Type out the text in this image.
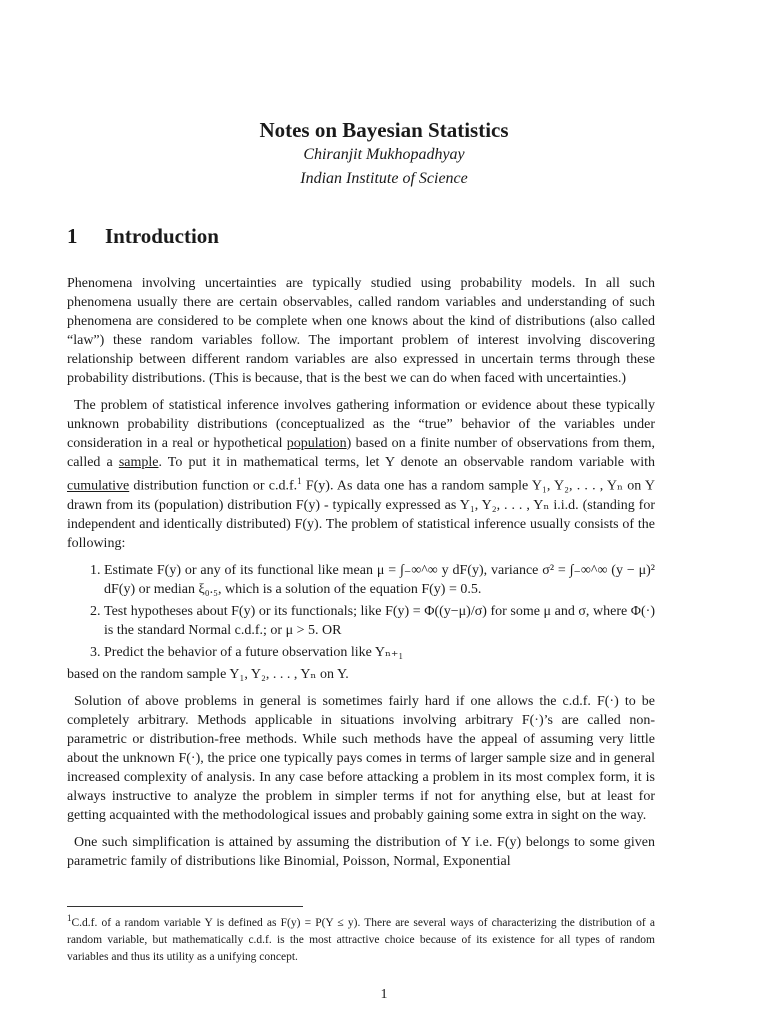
Notes on Bayesian Statistics

Chiranjit Mukhopadhyay

Indian Institute of Science

1 Introduction

Phenomena involving uncertainties are typically studied using probability models. In all such phenomena usually there are certain observables, called random variables and understanding of such phenomena are considered to be complete when one knows about the kind of distributions (also called “law”) these random variables follow. The important problem of interest involving discovering relationship between different random variables are also expressed in uncertain terms through these probability distributions. (This is because, that is the best we can do when faced with uncertainties.)

The problem of statistical inference involves gathering information or evidence about these typically unknown probability distributions (conceptualized as the “true” behavior of the variables under consideration in a real or hypothetical population) based on a finite number of observations from them, called a sample. To put it in mathematical terms, let Y denote an observable random variable with cumulative distribution function or c.d.f.$^1$ F(y). As data one has a random sample Y₁, Y₂, . . . , Yₙ on Y drawn from its (population) distribution F(y) - typically expressed as Y₁, Y₂, . . . , Yₙ i.i.d. (standing for independent and identically distributed) F(y). The problem of statistical inference usually consists of the following:

1. Estimate F(y) or any of its functional like mean μ = ∫₋∞^∞ y dF(y), variance σ² = ∫₋∞^∞ (y − μ)² dF(y) or median ξ₀.₅, which is a solution of the equation F(y) = 0.5.
2. Test hypotheses about F(y) or its functionals; like F(y) = Φ((y−μ)/σ) for some μ and σ, where Φ(·) is the standard Normal c.d.f.; or μ > 5. OR
3. Predict the behavior of a future observation like Yₙ₊₁

based on the random sample Y₁, Y₂, . . . , Yₙ on Y.

Solution of above problems in general is sometimes fairly hard if one allows the c.d.f. F(·) to be completely arbitrary. Methods applicable in situations involving arbitrary F(·)’s are called non-parametric or distribution-free methods. While such methods have the appeal of assuming very little about the unknown F(·), the price one typically pays comes in terms of larger sample size and in general increased complexity of analysis. In any case before attacking a problem in its most complex form, it is always instructive to analyze the problem in simpler terms if not for anything else, but at least for getting acquainted with the methodological issues and probably gaining some extra in sight on the way.

One such simplification is attained by assuming the distribution of Y i.e. F(y) belongs to some given parametric family of distributions like Binomial, Poisson, Normal, Exponential

$^1$C.d.f. of a random variable Y is defined as F(y) = P(Y ≤ y). There are several ways of characterizing the distribution of a random variable, but mathematically c.d.f. is the most attractive choice because of its existence for all types of random variables and thus its utility as a unifying concept.
1
